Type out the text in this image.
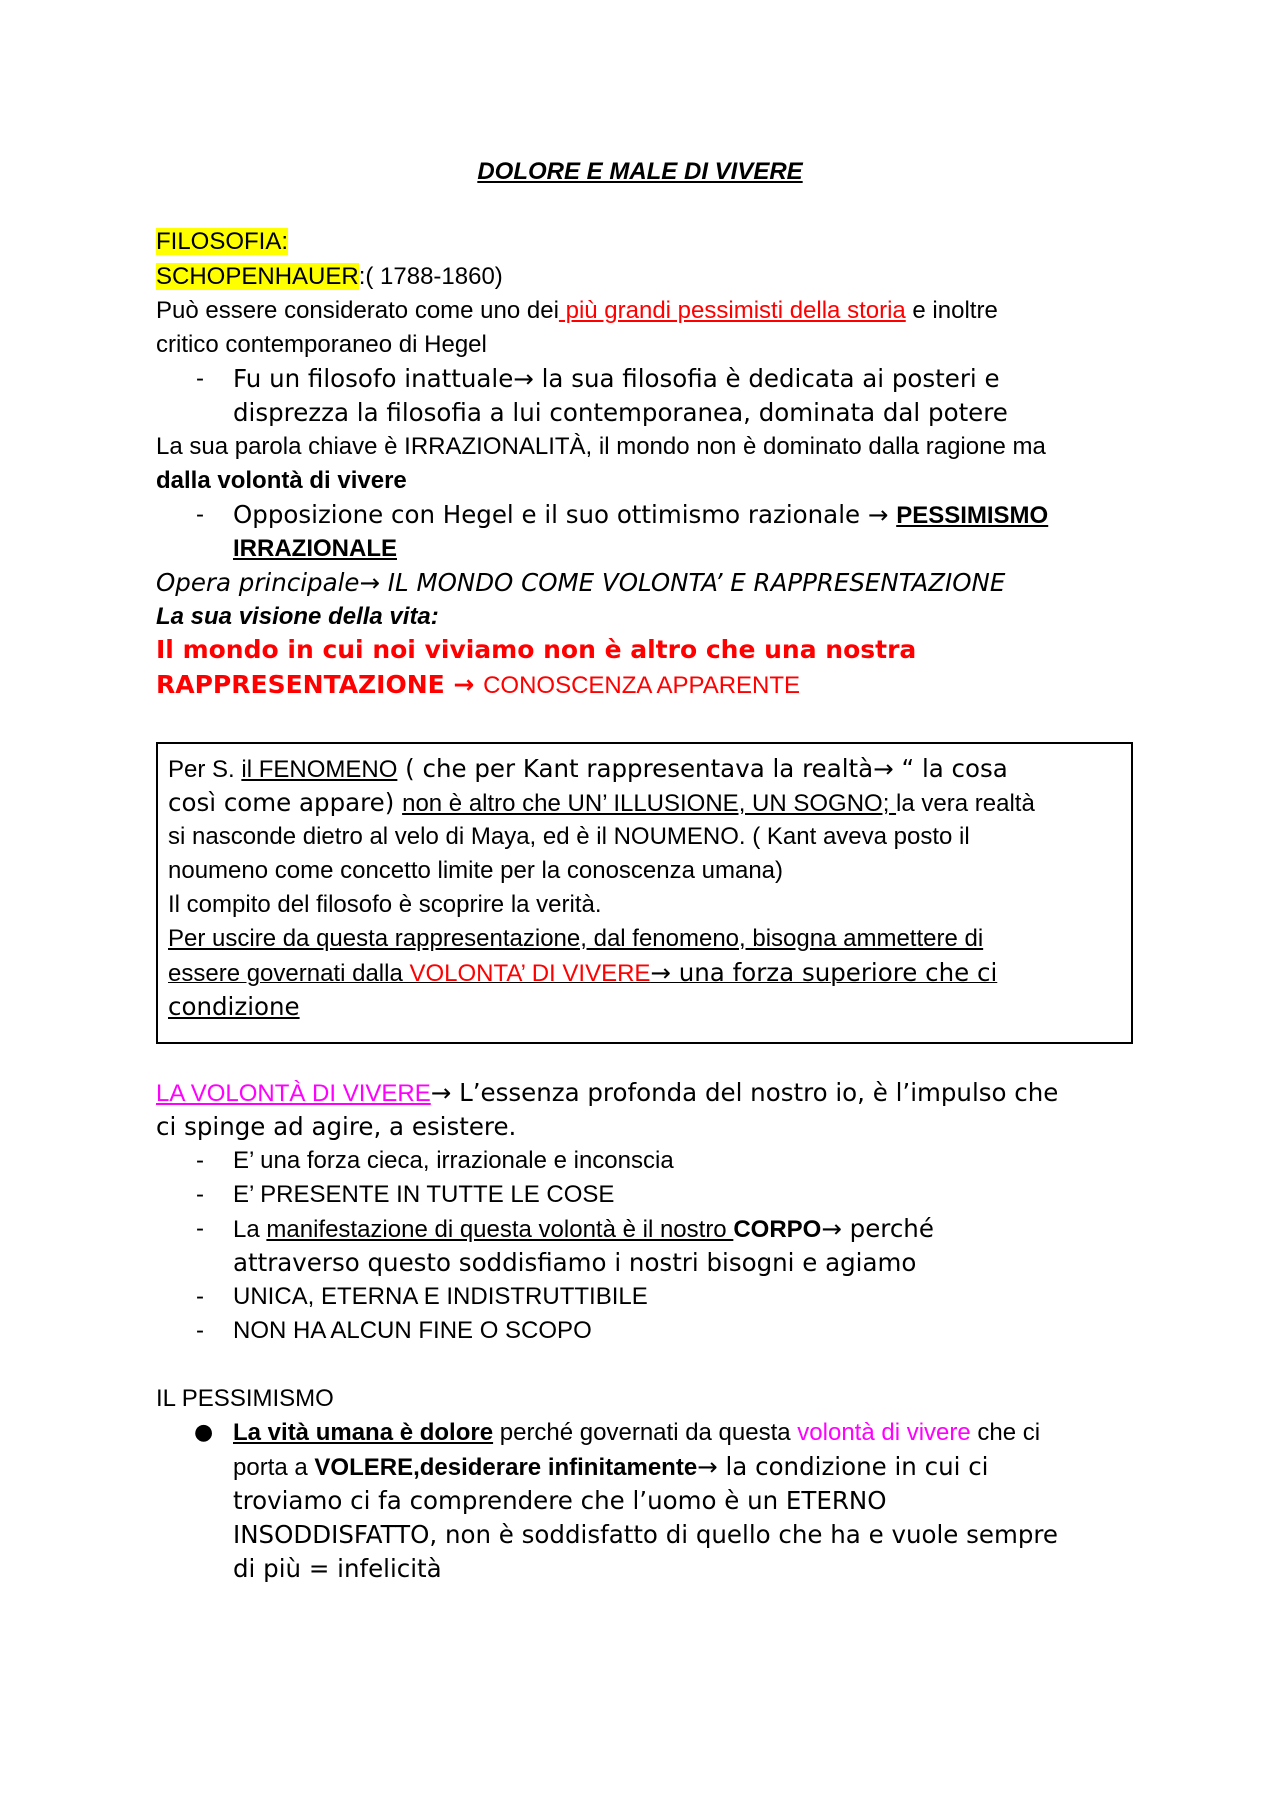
DOLORE E MALE DI VIVERE

FILOSOFIA:

SCHOPENHAUER:( 1788-1860)

Può essere considerato come uno dei più grandi pessimisti della storia e inoltre

critico contemporaneo di Hegel

- Fu un filosofo inattuale→ la sua filosofia è dedicata ai posteri e

disprezza la filosofia a lui contemporanea, dominata dal potere

La sua parola chiave è IRRAZIONALITÀ, il mondo non è dominato dalla ragione ma

dalla volontà di vivere

- Opposizione con Hegel e il suo ottimismo razionale → PESSIMISMO

IRRAZIONALE

Opera principale→ IL MONDO COME VOLONTA’ E RAPPRESENTAZIONE

La sua visione della vita:

Il mondo in cui noi viviamo non è altro che una nostra

RAPPRESENTAZIONE → CONOSCENZA APPARENTE

Per S. il FENOMENO ( che per Kant rappresentava la realtà→ “ la cosa

così come appare) non è altro che UN’ ILLUSIONE, UN SOGNO; la vera realtà

si nasconde dietro al velo di Maya, ed è il NOUMENO. ( Kant aveva posto il

noumeno come concetto limite per la conoscenza umana)

Il compito del filosofo è scoprire la verità.

Per uscire da questa rappresentazione, dal fenomeno, bisogna ammettere di

essere governati dalla VOLONTA’ DI VIVERE→ una forza superiore che ci

condizione

LA VOLONTÀ DI VIVERE→ L’essenza profonda del nostro io, è l’impulso che

ci spinge ad agire, a esistere.

- E’ una forza cieca, irrazionale e inconscia

- E’ PRESENTE IN TUTTE LE COSE

- La manifestazione di questa volontà è il nostro CORPO→ perché

attraverso questo soddisfiamo i nostri bisogni e agiamo

- UNICA, ETERNA E INDISTRUTTIBILE

- NON HA ALCUN FINE O SCOPO

IL PESSIMISMO

● La vità umana è dolore perché governati da questa volontà di vivere che ci

porta a VOLERE,desiderare infinitamente→ la condizione in cui ci

troviamo ci fa comprendere che l’uomo è un ETERNO

INSODDISFATTO, non è soddisfatto di quello che ha e vuole sempre

di più = infelicità
